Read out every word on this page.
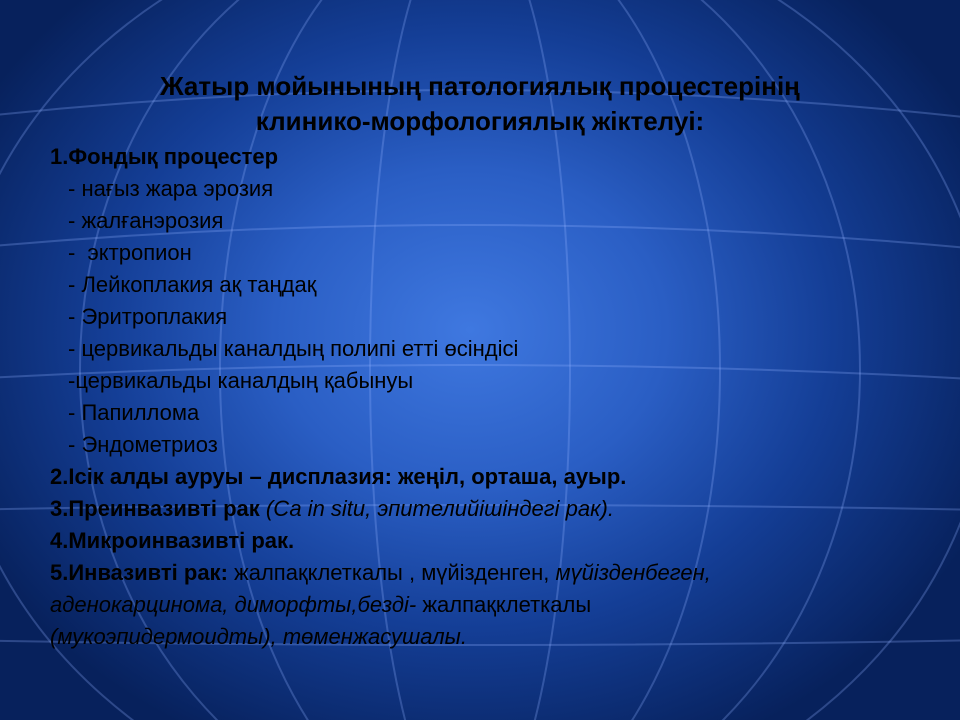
Жатыр мойынының патологиялық процестерінің
клинико-морфологиялық жіктелуі:
1.Фондық процестер
- нағыз жара эрозия
- жалғанэрозия
-  эктропион
- Лейкоплакия ақ таңдақ
- Эритроплакия
- цервикальды каналдың полипі етті өсіндісі
-цервикальды каналдың қабынуы
- Папиллома
- Эндометриоз
2.Ісік алды ауруы – дисплазия: жеңіл, орташа, ауыр.
3.Преинвазивті рак (Са in situ, эпителийішіндегі рак).
4.Микроинвазивті рак.
5.Инвазивті рак: жалпақклеткалы , мүйізденген, мүйізденбеген,
аденокарцинома, диморфты,безді- жалпақклеткалы
(мукоэпидермоидты), төменжасушалы.
